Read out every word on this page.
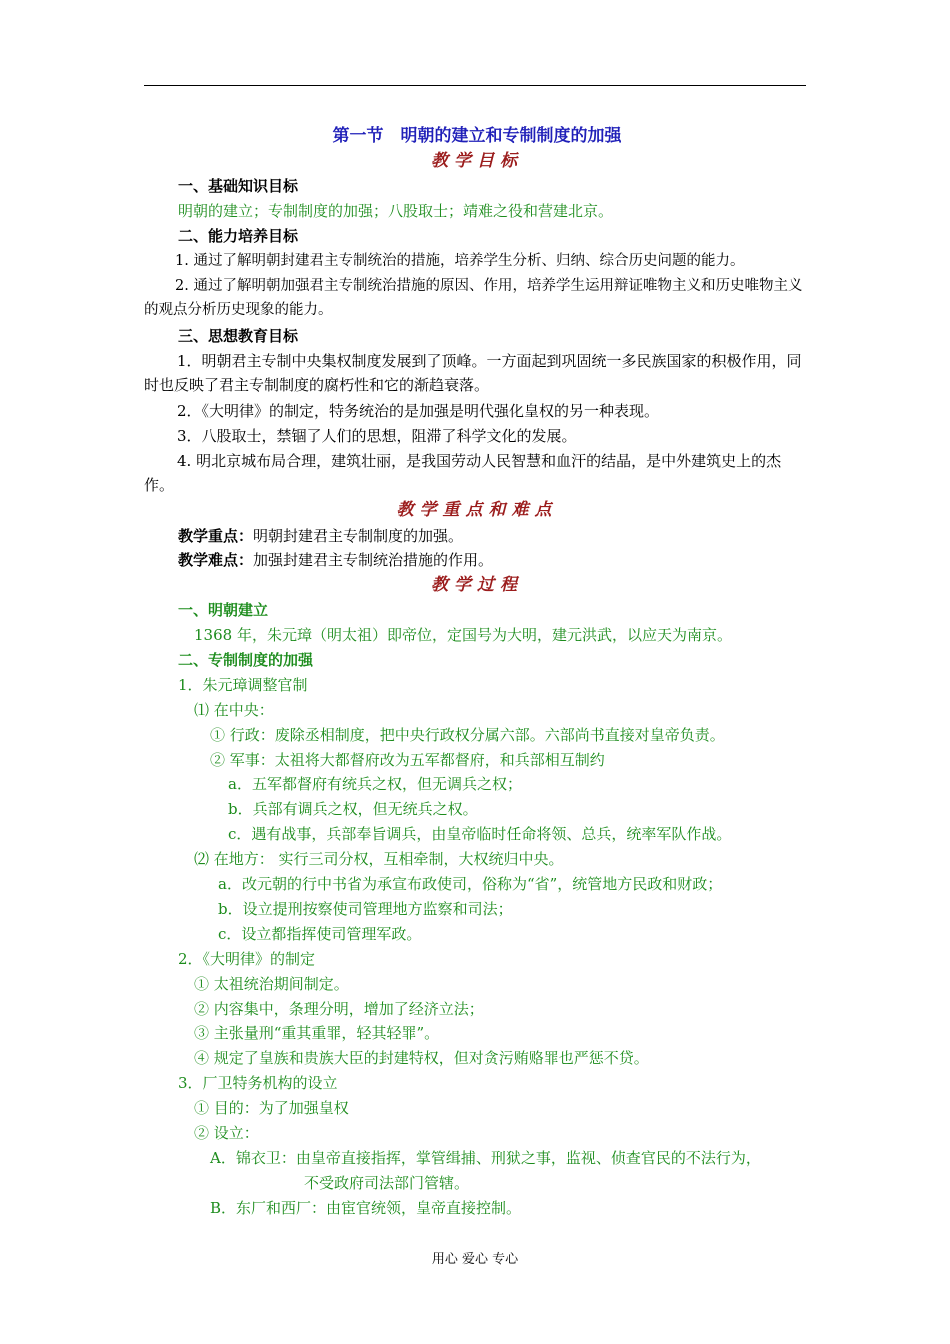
第一节　明朝的建立和专制制度的加强
教学目标
一、基础知识目标
明朝的建立；专制制度的加强；八股取士；靖难之役和营建北京。
二、能力培养目标
1. 通过了解明朝封建君主专制统治的措施，培养学生分析、归纳、综合历史问题的能力。
2. 通过了解明朝加强君主专制统治措施的原因、作用，培养学生运用辩证唯物主义和历史唯物主义的观点分析历史现象的能力。
三、思想教育目标
1．明朝君主专制中央集权制度发展到了顶峰。一方面起到巩固统一多民族国家的积极作用，同时也反映了君主专制制度的腐朽性和它的渐趋衰落。
2．《大明律》的制定，特务统治的是加强是明代强化皇权的另一种表现。
3．八股取士，禁锢了人们的思想，阻滞了科学文化的发展。
4. 明北京城布局合理，建筑壮丽，是我国劳动人民智慧和血汗的结晶，是中外建筑史上的杰作。
教学重点和难点
教学重点：明朝封建君主专制制度的加强。
教学难点：加强封建君主专制统治措施的作用。
教学过程
一、明朝建立
1368 年，朱元璋（明太祖）即帝位，定国号为大明，建元洪武，以应天为南京。
二、专制制度的加强
1．朱元璋调整官制
⑴ 在中央：
① 行政：废除丞相制度，把中央行政权分属六部。六部尚书直接对皇帝负责。
② 军事：太祖将大都督府改为五军都督府，和兵部相互制约
a．五军都督府有统兵之权，但无调兵之权；
b．兵部有调兵之权，但无统兵之权。
c．遇有战事，兵部奉旨调兵，由皇帝临时任命将领、总兵，统率军队作战。
⑵ 在地方： 实行三司分权，互相牵制，大权统归中央。
a．改元朝的行中书省为承宣布政使司，俗称为“省”，统管地方民政和财政；
b．设立提刑按察使司管理地方监察和司法；
c．设立都指挥使司管理军政。
2．《大明律》的制定
① 太祖统治期间制定。
② 内容集中，条理分明，增加了经济立法；
③ 主张量刑“重其重罪，轻其轻罪”。
④ 规定了皇族和贵族大臣的封建特权，但对贪污贿赂罪也严惩不贷。
3．厂卫特务机构的设立
① 目的：为了加强皇权
② 设立：
A．锦衣卫：由皇帝直接指挥，掌管缉捕、刑狱之事，监视、侦查官民的不法行为，
不受政府司法部门管辖。
B．东厂和西厂：由宦官统领，皇帝直接控制。
用心 爱心 专心
